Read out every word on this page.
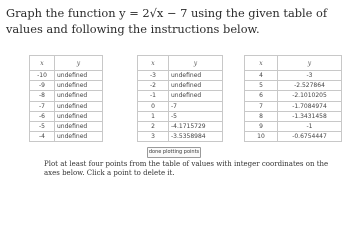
Graph the function y = 2√x − 7 using the given table of values and following the instructions below.
x	y
-10	undefined
-9	undefined
-8	undefined
-7	undefined
-6	undefined
-5	undefined
-4	undefined
x	y
-3	undefined
-2	undefined
-1	undefined
0	-7
1	-5
2	-4.1715729
3	-3.5358984
x	y
4	-3
5	-2.527864
6	-2.1010205
7	-1.7084974
8	-1.3431458
9	-1
10	-0.6754447
done plotting points
Plot at least four points from the table of values with integer coordinates on the axes below. Click a point to delete it.
